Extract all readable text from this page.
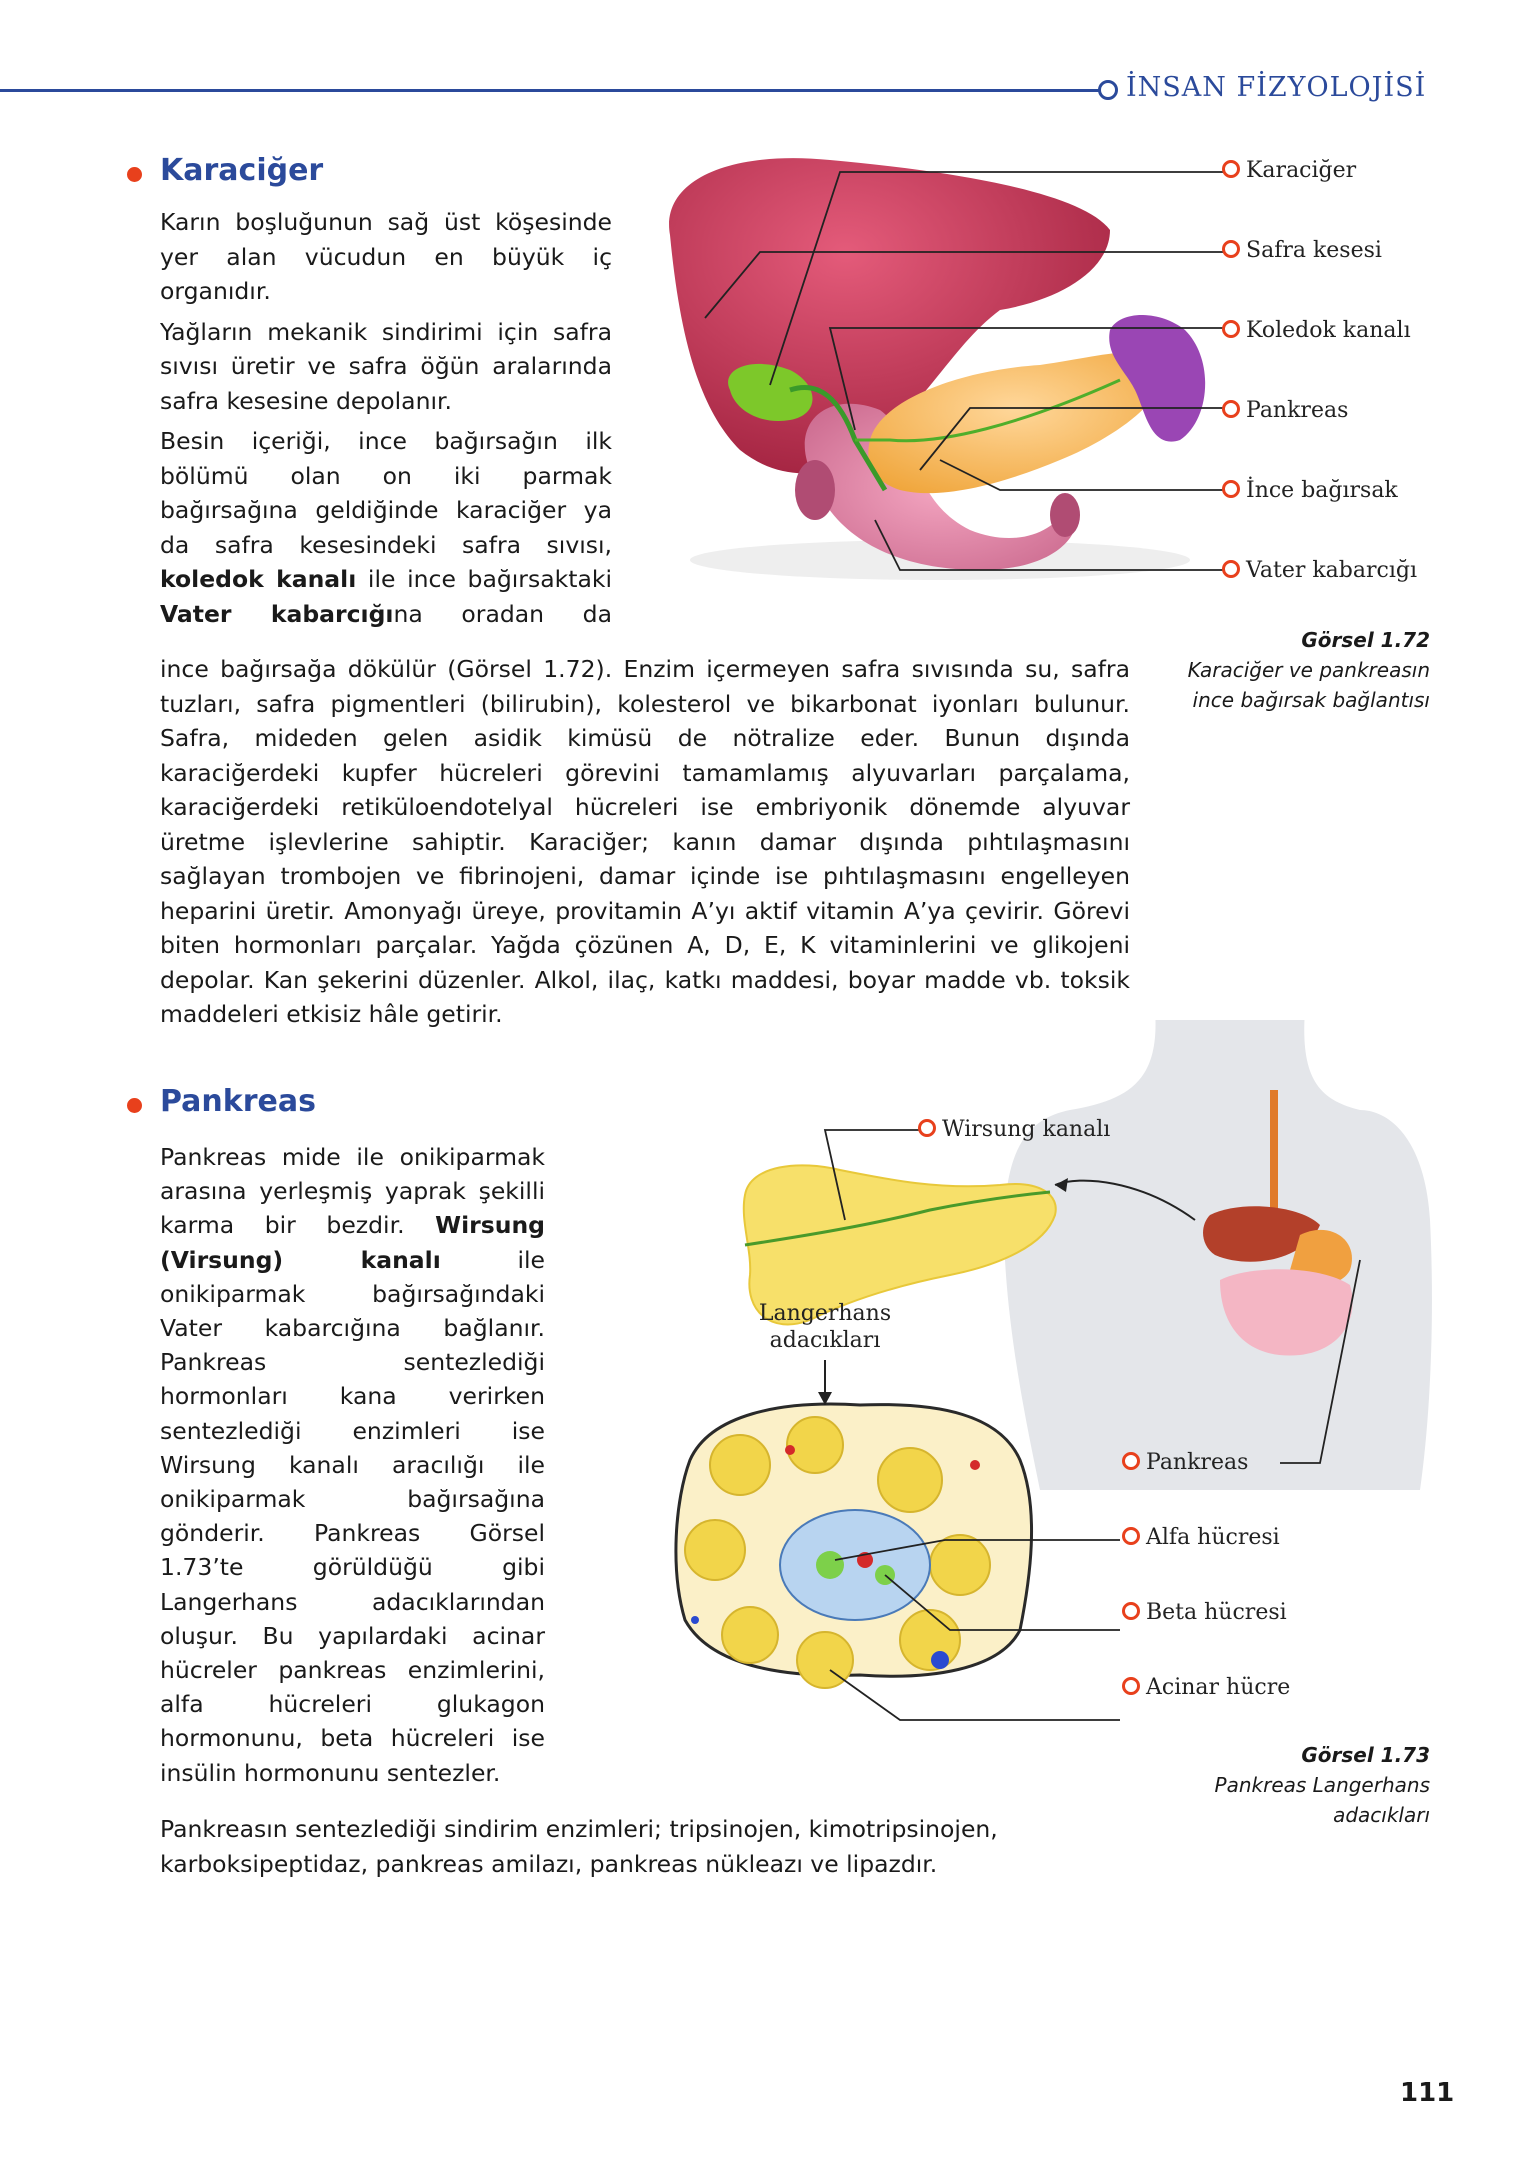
İNSAN FİZYOLOJİSİ
Karaciğer

Karın boşluğunun sağ üst köşesinde yer alan vücudun en büyük iç organıdır.

Yağların mekanik sindirimi için safra sıvısı üretir ve safra öğün aralarında safra kesesine depolanır.

Besin içeriği, ince bağırsağın ilk bölümü olan on iki parmak bağırsağına geldiğinde karaciğer ya da safra kesesindeki safra sıvısı, koledok kanalı ile ince bağırsaktaki Vater kabarcığına oradan da

ince bağırsağa dökülür (Görsel 1.72). Enzim içermeyen safra sıvısında su, safra tuzları, safra pigmentleri (bilirubin), kolesterol ve bikarbonat iyonları bulunur. Safra, mideden gelen asidik kimüsü de nötralize eder. Bunun dışında karaciğerdeki kupfer hücreleri görevini tamamlamış alyuvarları parçalama, karaciğerdeki retiküloendotelyal hücreleri ise embriyonik dönemde alyuvar üretme işlevlerine sahiptir. Karaciğer; kanın damar dışında pıhtılaşmasını sağlayan trombojen ve fibrinojeni, damar içinde ise pıhtılaşmasını engelleyen heparini üretir. Amonyağı üreye, provitamin A’yı aktif vitamin A’ya çevirir. Görevi biten hormonları parçalar. Yağda çözünen A, D, E, K vitaminlerini ve glikojeni depolar. Kan şekerini düzenler. Alkol, ilaç, katkı maddesi, boyar madde vb. toksik maddeleri etkisiz hâle getirir.

Karaciğer
Safra kesesi
Koledok kanalı
Pankreas
İnce bağırsak
Vater kabarcığı
Görsel 1.72
Karaciğer ve pankreasın ince bağırsak bağlantısı
Pankreas

Pankreas mide ile onikiparmak arasına yerleşmiş yaprak şekilli karma bir bezdir. Wirsung (Virsung) kanalı ile onikiparmak bağırsağındaki Vater kabarcığına bağlanır. Pankreas sentezlediği hormonları kana verirken sentezlediği enzimleri ise Wirsung kanalı aracılığı ile onikiparmak bağırsağına gönderir. Pankreas Görsel 1.73’te görüldüğü gibi Langerhans adacıklarından oluşur. Bu yapılardaki acinar hücreler pankreas enzimlerini, alfa hücreleri glukagon hormonunu, beta hücreleri ise insülin hormonunu sentezler.

Pankreasın sentezlediği sindirim enzimleri; tripsinojen, kimotripsinojen, karboksipeptidaz, pankreas amilazı, pankreas nükleazı ve lipazdır.

Langerhans
adacıkları
Wirsung kanalı
Pankreas
Alfa hücresi
Beta hücresi
Acinar hücre
Görsel 1.73
Pankreas Langerhans adacıkları
111
